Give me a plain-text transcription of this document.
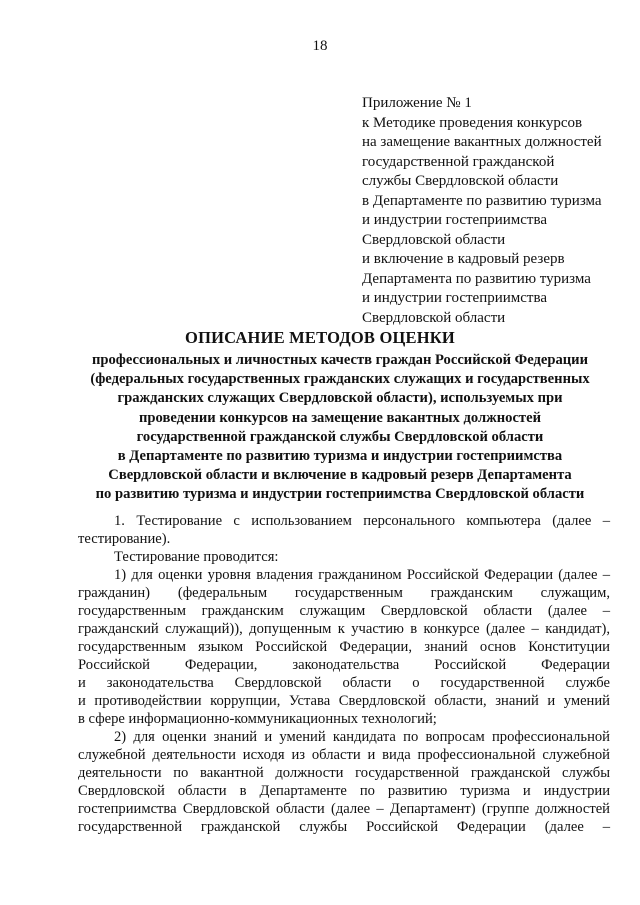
18
Приложение № 1
к Методике проведения конкурсов
на замещение вакантных должностей
государственной гражданской
службы Свердловской области
в Департаменте по развитию туризма
и индустрии гостеприимства
Свердловской области
и включение в кадровый резерв
Департамента по развитию туризма
и индустрии гостеприимства
Свердловской области
ОПИСАНИЕ МЕТОДОВ ОЦЕНКИ
профессиональных и личностных качеств граждан Российской Федерации
(федеральных государственных гражданских служащих и государственных
гражданских служащих Свердловской области), используемых при
проведении конкурсов на замещение вакантных должностей
государственной гражданской службы Свердловской области
в Департаменте по развитию туризма и индустрии гостеприимства
Свердловской области и включение в кадровый резерв Департамента
по развитию туризма и индустрии гостеприимства Свердловской области
1. Тестирование с использованием персонального компьютера (далее –
тестирование).
Тестирование проводится:
1) для оценки уровня владения гражданином Российской Федерации (далее –
гражданин) (федеральным государственным гражданским служащим,
государственным гражданским служащим Свердловской области (далее –
гражданский служащий)), допущенным к участию в конкурсе (далее – кандидат),
государственным языком Российской Федерации, знаний основ Конституции
Российской Федерации, законодательства Российской Федерации
и законодательства Свердловской области о государственной службе
и противодействии коррупции, Устава Свердловской области, знаний и умений
в сфере информационно-коммуникационных технологий;
2) для оценки знаний и умений кандидата по вопросам профессиональной
служебной деятельности исходя из области и вида профессиональной служебной
деятельности по вакантной должности государственной гражданской службы
Свердловской области в Департаменте по развитию туризма и индустрии
гостеприимства Свердловской области (далее – Департамент) (группе должностей
государственной гражданской службы Российской Федерации (далее –
